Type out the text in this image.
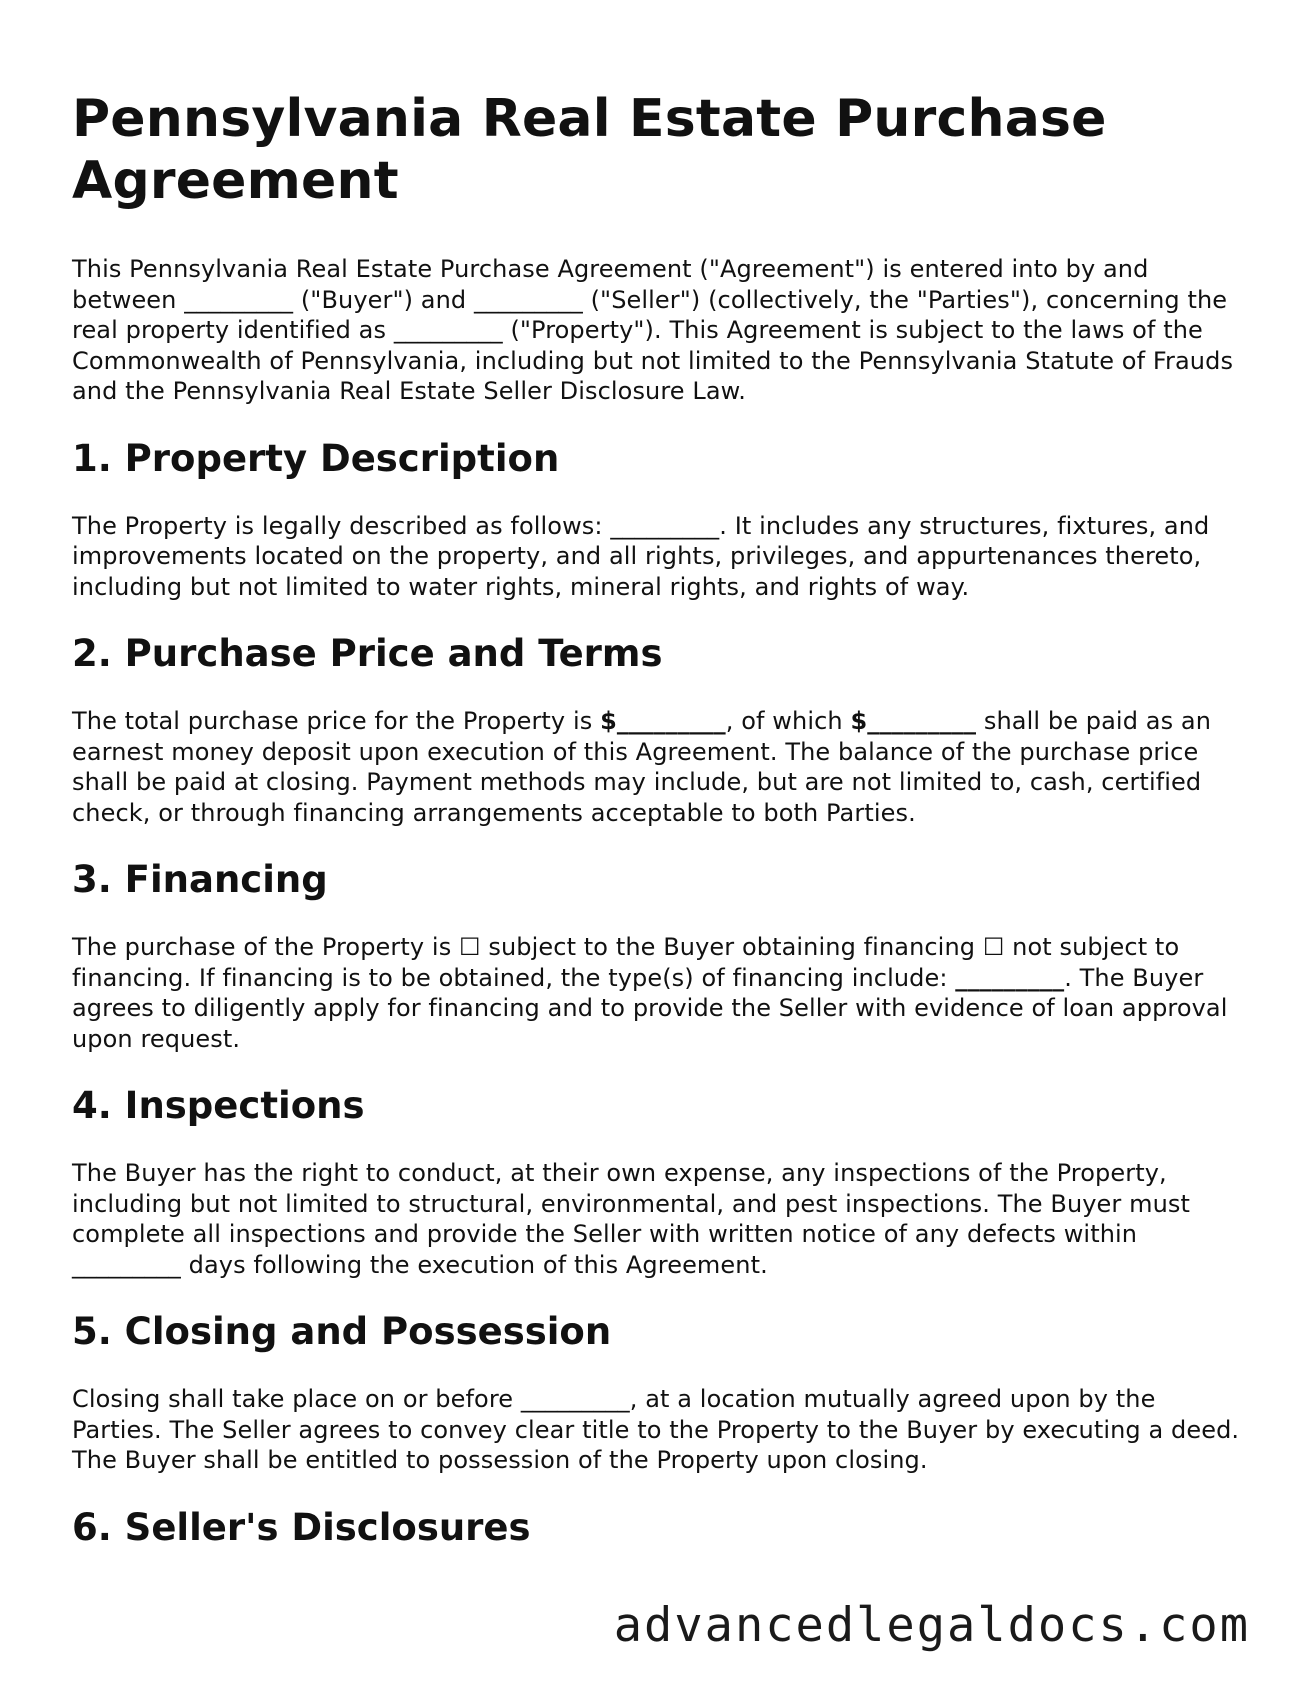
Pennsylvania Real Estate Purchase Agreement

This Pennsylvania Real Estate Purchase Agreement ("Agreement") is entered into by and between _________ ("Buyer") and _________ ("Seller") (collectively, the "Parties"), concerning the real property identified as _________ ("Property"). This Agreement is subject to the laws of the Commonwealth of Pennsylvania, including but not limited to the Pennsylvania Statute of Frauds and the Pennsylvania Real Estate Seller Disclosure Law.

1. Property Description

The Property is legally described as follows: _________. It includes any structures, fixtures, and improvements located on the property, and all rights, privileges, and appurtenances thereto, including but not limited to water rights, mineral rights, and rights of way.

2. Purchase Price and Terms

The total purchase price for the Property is $_________, of which $_________ shall be paid as an earnest money deposit upon execution of this Agreement. The balance of the purchase price shall be paid at closing. Payment methods may include, but are not limited to, cash, certified check, or through financing arrangements acceptable to both Parties.

3. Financing

The purchase of the Property is ☐ subject to the Buyer obtaining financing ☐ not subject to financing. If financing is to be obtained, the type(s) of financing include: _________. The Buyer agrees to diligently apply for financing and to provide the Seller with evidence of loan approval upon request.

4. Inspections

The Buyer has the right to conduct, at their own expense, any inspections of the Property, including but not limited to structural, environmental, and pest inspections. The Buyer must complete all inspections and provide the Seller with written notice of any defects within _________ days following the execution of this Agreement.

5. Closing and Possession

Closing shall take place on or before _________, at a location mutually agreed upon by the Parties. The Seller agrees to convey clear title to the Property to the Buyer by executing a deed. The Buyer shall be entitled to possession of the Property upon closing.

6. Seller's Disclosures
advancedlegaldocs.com
